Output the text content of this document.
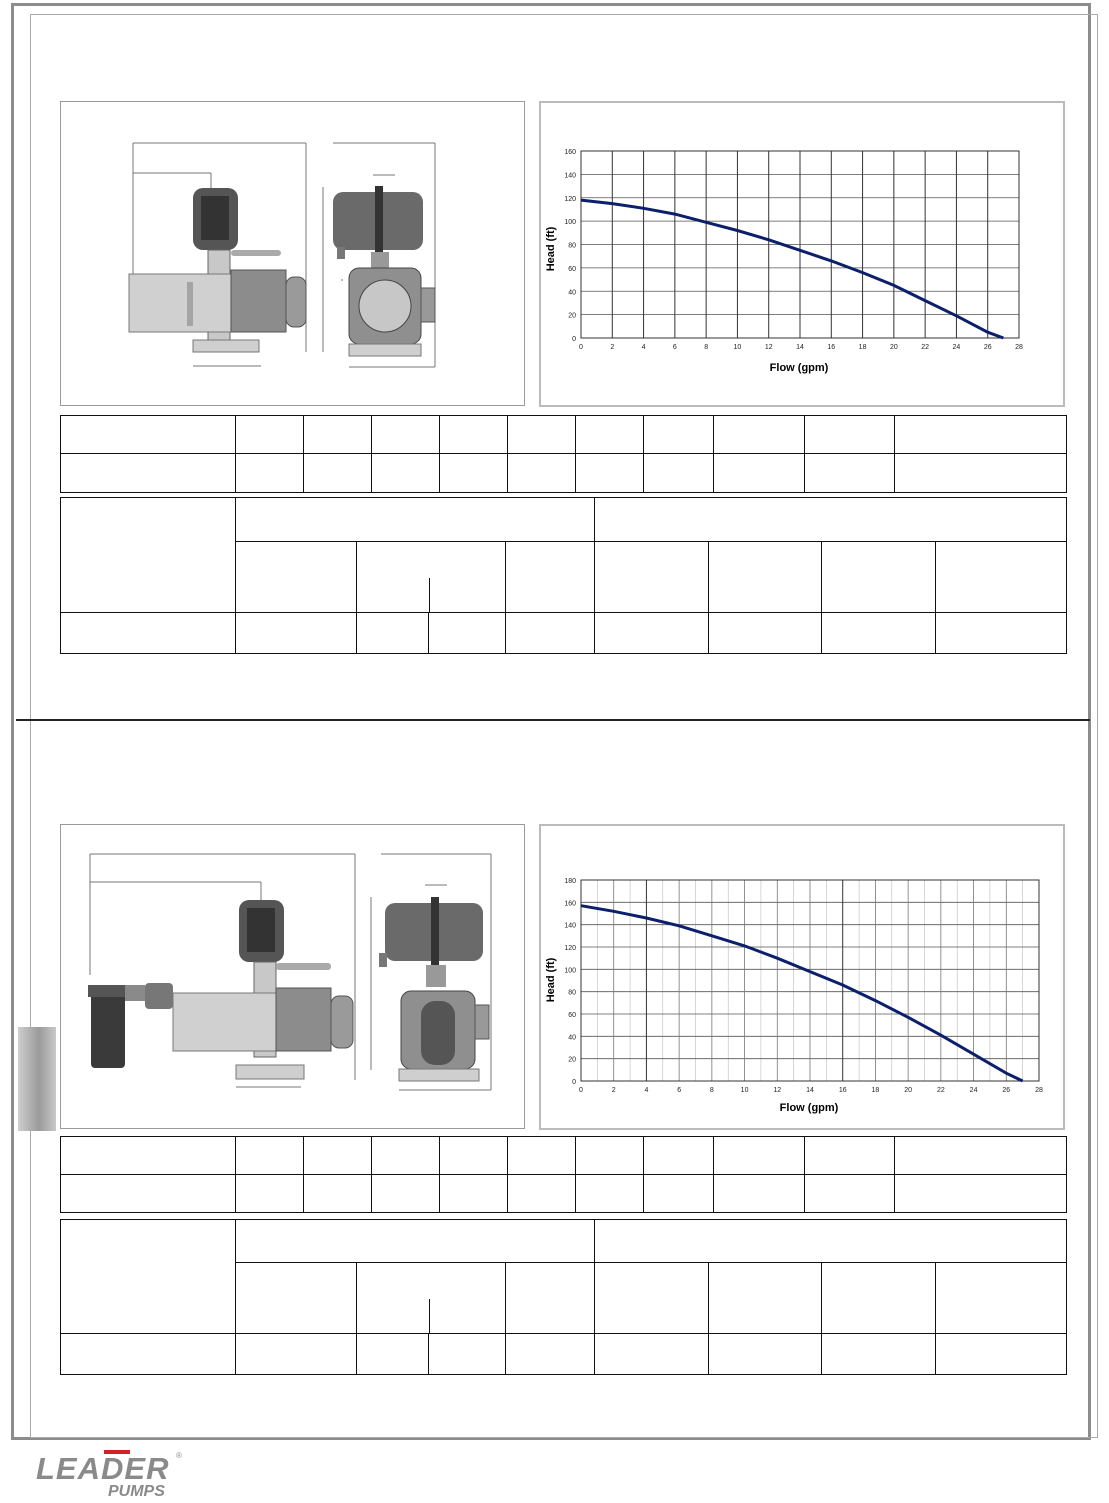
0
20
40
60
80
100
120
140
160
0	2	4	6	8	10	12	14	16	18	20	22	24	26	28
Flow (gpm)
Head (ft)

0
20
40
60
80
100
120
140
160
180
0	2	4	6	8	10	12	14	16	18	20	22	24	26	28
Flow (gpm)
Head (ft)

LEADER ®
PUMPS
